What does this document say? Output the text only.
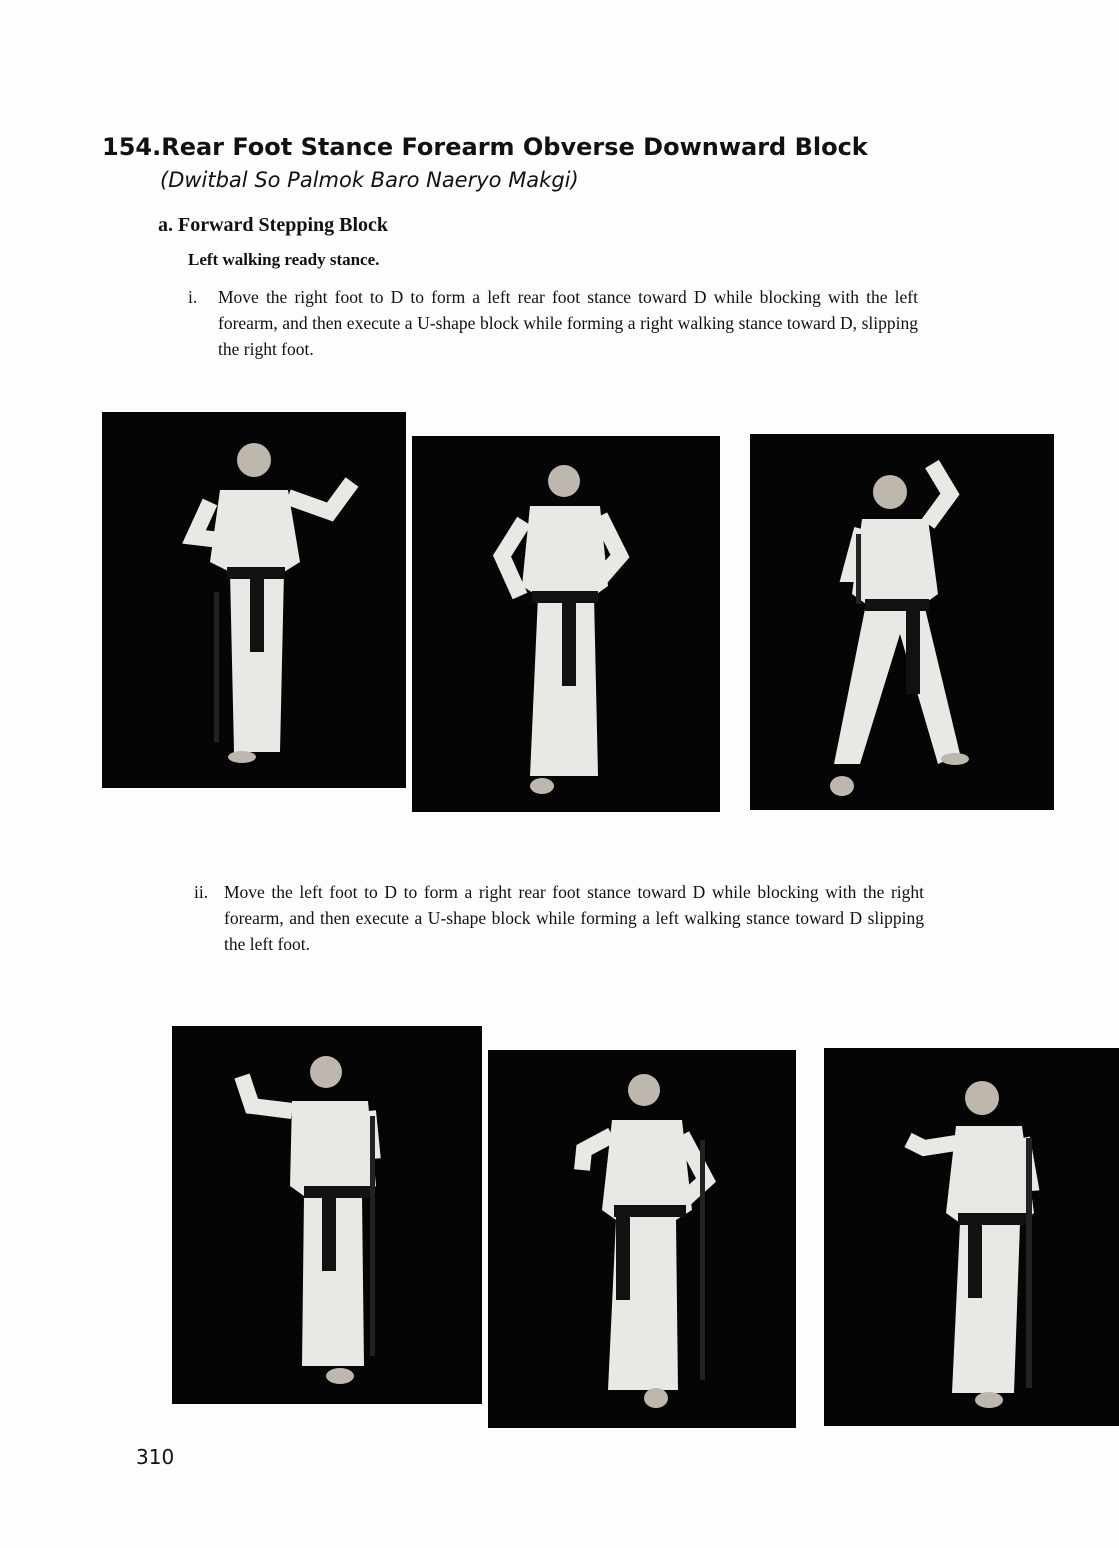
154.Rear Foot Stance Forearm Obverse Downward Block

(Dwitbal So Palmok Baro Naeryo Makgi)

a. Forward Stepping Block

Left walking ready stance.

i. Move the right foot to D to form a left rear foot stance toward D while blocking with the left forearm, and then execute a U-shape block while forming a right walking stance toward D, slipping the right foot.

ii. Move the left foot to D to form a right rear foot stance toward D while blocking with the right forearm, and then execute a U-shape block while forming a left walking stance toward D slipping the left foot.

310
